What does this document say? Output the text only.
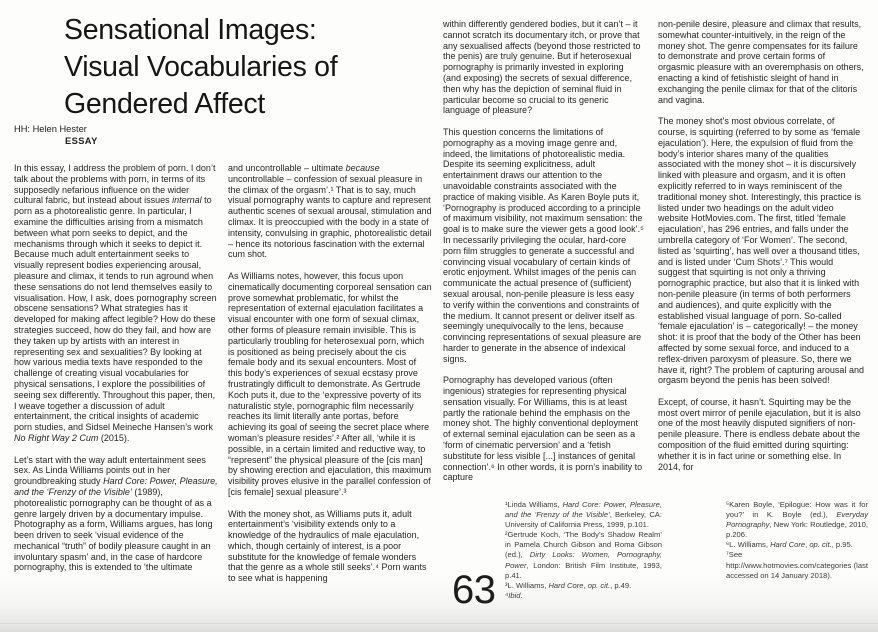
Sensational Images:
Visual Vocabularies of
Gendered Affect
HH: Helen Hester
ESSAY

In this essay, I address the problem of porn. I don’t talk about the problems with porn, in terms of its supposedly nefarious influence on the wider cultural fabric, but instead about issues internal to porn as a photorealistic genre. In particular, I examine the difficulties arising from a mismatch between what porn seeks to depict, and the mechanisms through which it seeks to depict it. Because much adult entertainment seeks to visually represent bodies experiencing arousal, pleasure and climax, it tends to run aground when these sensations do not lend themselves easily to visualisation. How, I ask, does pornography screen obscene sensations? What strategies has it developed for making affect legible? How do these strategies succeed, how do they fail, and how are they taken up by artists with an interest in representing sex and sexualities? By looking at how various media texts have responded to the challenge of creating visual vocabularies for physical sensations, I explore the possibilities of seeing sex differently. Throughout this paper, then, I weave together a discussion of adult entertainment, the critical insights of academic porn studies, and Sidsel Meineche Hansen’s work No Right Way 2 Cum (2015).

Let’s start with the way adult entertainment sees sex. As Linda Williams points out in her groundbreaking study Hard Core: Power, Pleasure, and the ‘Frenzy of the Visible’ (1989), photorealistic pornography can be thought of as a genre largely driven by a documentary impulse. Photography as a form, Williams argues, has long been driven to seek ‘visual evidence of the mechanical “truth” of bodily pleasure caught in an involuntary spasm’ and, in the case of hardcore pornography, this is extended to ‘the ultimate

and uncontrollable – ultimate because uncontrollable – confession of sexual pleasure in the climax of the orgasm’.¹ That is to say, much visual pornography wants to capture and represent authentic scenes of sexual arousal, stimulation and climax. It is preoccupied with the body in a state of intensity, convulsing in graphic, photorealistic detail – hence its notorious fascination with the external cum shot.

As Williams notes, however, this focus upon cinematically documenting corporeal sensation can prove somewhat problematic, for whilst the representation of external ejaculation facilitates a visual encounter with one form of sexual climax, other forms of pleasure remain invisible. This is particularly troubling for heterosexual porn, which is positioned as being precisely about the cis female body and its sexual encounters. Most of this body’s experiences of sexual ecstasy prove frustratingly difficult to demonstrate. As Gertrude Koch puts it, due to the ‘expressive poverty of its naturalistic style, pornographic film necessarily reaches its limit literally ante portas, before achieving its goal of seeing the secret place where woman’s pleasure resides’.² After all, ‘while it is possible, in a certain limited and reductive way, to “represent” the physical pleasure of the [cis man] by showing erection and ejaculation, this maximum visibility proves elusive in the parallel confession of [cis female] sexual pleasure’.³

With the money shot, as Williams puts it, adult entertainment’s ‘visibility extends only to a knowledge of the hydraulics of male ejaculation, which, though certainly of interest, is a poor substitute for the knowledge of female wonders that the genre as a whole still seeks’.⁴ Porn wants to see what is happening

within differently gendered bodies, but it can’t – it cannot scratch its documentary itch, or prove that any sexualised affects (beyond those restricted to the penis) are truly genuine. But if heterosexual pornography is primarily invested in exploring (and exposing) the secrets of sexual difference, then why has the depiction of seminal fluid in particular become so crucial to its generic language of pleasure?

This question concerns the limitations of pornography as a moving image genre and, indeed, the limitations of photorealistic media. Despite its seeming explicitness, adult entertainment draws our attention to the unavoidable constraints associated with the practice of making visible. As Karen Boyle puts it, ‘Pornography is produced according to a principle of maximum visibility, not maximum sensation: the goal is to make sure the viewer gets a good look’.⁵ In necessarily privileging the ocular, hard-core porn film struggles to generate a successful and convincing visual vocabulary of certain kinds of erotic enjoyment. Whilst images of the penis can communicate the actual presence of (sufficient) sexual arousal, non-penile pleasure is less easy to verify within the conventions and constraints of the medium. It cannot present or deliver itself as seemingly unequivocally to the lens, because convincing representations of sexual pleasure are harder to generate in the absence of indexical signs.

Pornography has developed various (often ingenious) strategies for representing physical sensation visually. For Williams, this is at least partly the rationale behind the emphasis on the money shot. The highly conventional deployment of external seminal ejaculation can be seen as a ‘form of cinematic perversion’ and a ‘fetish substitute for less visible [...] instances of genital connection’.⁶ In other words, it is porn’s inability to capture

non-penile desire, pleasure and climax that results, somewhat counter-intuitively, in the reign of the money shot. The genre compensates for its failure to demonstrate and prove certain forms of orgasmic pleasure with an overemphasis on others, enacting a kind of fetishistic sleight of hand in exchanging the penile climax for that of the clitoris and vagina.

The money shot’s most obvious correlate, of course, is squirting (referred to by some as ‘female ejaculation’). Here, the expulsion of fluid from the body’s interior shares many of the qualities associated with the money shot – it is discursively linked with pleasure and orgasm, and it is often explicitly referred to in ways reminiscent of the traditional money shot. Interestingly, this practice is listed under two headings on the adult video website HotMovies.com. The first, titled ‘female ejaculation’, has 296 entries, and falls under the umbrella category of ‘For Women’. The second, listed as ‘squirting’, has well over a thousand titles, and is listed under ‘Cum Shots’.⁷ This would suggest that squirting is not only a thriving pornographic practice, but also that it is linked with non-penile pleasure (in terms of both performers and audiences), and quite explicitly with the established visual language of porn. So-called ‘female ejaculation’ is – categorically! – the money shot: it is proof that the body of the Other has been affected by some sexual force, and induced to a reflex-driven paroxysm of pleasure. So, there we have it, right? The problem of capturing arousal and orgasm beyond the penis has been solved!

Except, of course, it hasn’t. Squirting may be the most overt mirror of penile ejaculation, but it is also one of the most heavily disputed signifiers of non-penile pleasure. There is endless debate about the composition of the fluid emitted during squirting: whether it is in fact urine or something else. In 2014, for

¹Linda Williams, Hard Core: Power, Pleasure, and the ‘Frenzy of the Visible’, Berkeley, CA: University of California Press, 1999, p.101.

²Gertrude Koch, ‘The Body’s Shadow Realm’ in Pamela Church Gibson and Roma Gibson (ed.), Dirty Looks: Women, Pornography, Power, London: British Film Institute, 1993, p.41.

³L. Williams, Hard Core, op. cit., p.49.

⁴Ibid.

⁵Karen Boyle, ‘Epilogue: How was it for you?’ in K. Boyle (ed.), Everyday Pornography, New York: Routledge, 2010, p.206.

⁶L. Williams, Hard Core, op. cit., p.95.

⁷See http://www.hotmovies.com/categories (last accessed on 14 January 2018).

63
